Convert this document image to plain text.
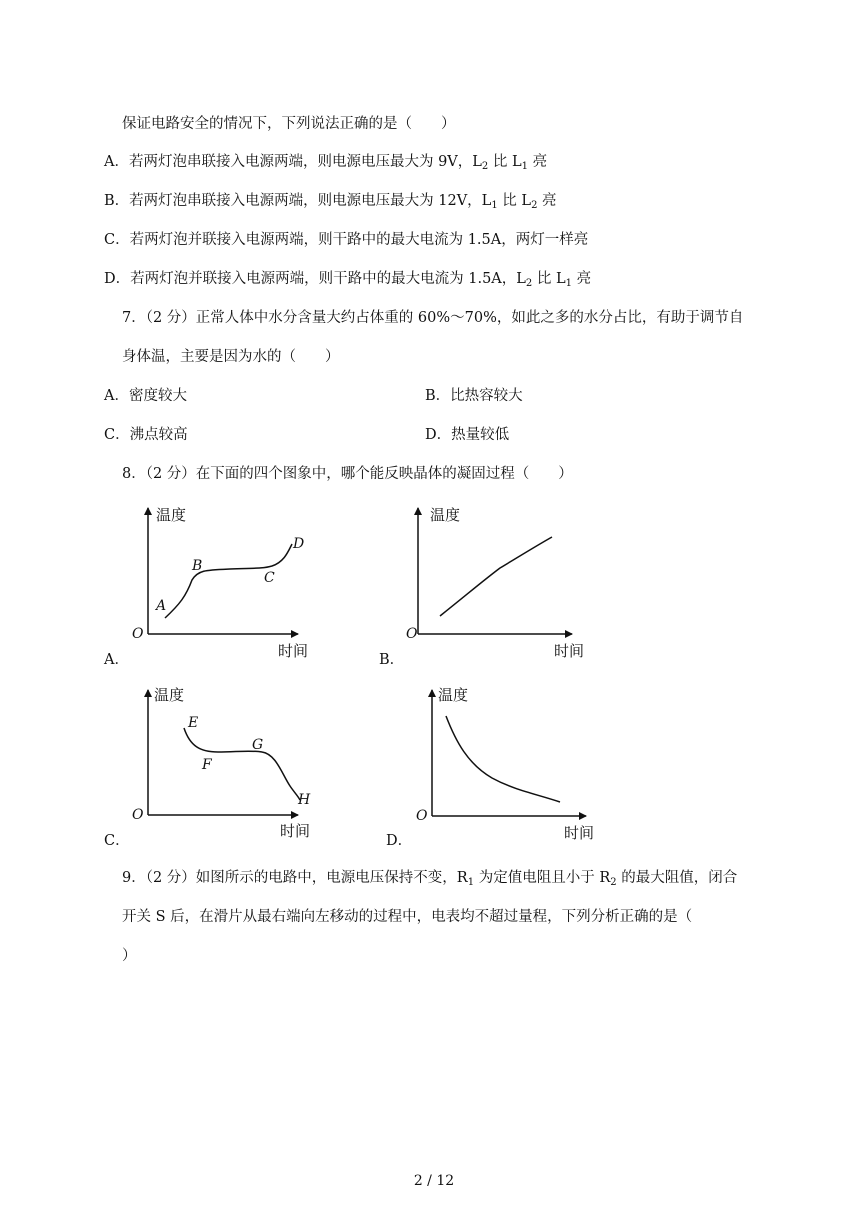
保证电路安全的情况下，下列说法正确的是（　　）
A．若两灯泡串联接入电源两端，则电源电压最大为 9V，$L_2$ 比 $L_1$ 亮
B．若两灯泡串联接入电源两端，则电源电压最大为 12V，$L_1$ 比 $L_2$ 亮
C．若两灯泡并联接入电源两端，则干路中的最大电流为 1.5A，两灯一样亮
D．若两灯泡并联接入电源两端，则干路中的最大电流为 1.5A，$L_2$ 比 $L_1$ 亮
7．（2 分）正常人体中水分含量大约占体重的 60%～70%，如此之多的水分占比，有助于调节自
身体温，主要是因为水的（　　）
A．密度较大	B．比热容较大
C．沸点较高	D．热量较低
8．（2 分）在下面的四个图象中，哪个能反映晶体的凝固过程（　　）
温度
时间
O
A
B
C
D
A．
温度
时间
O
B．
温度
时间
O
E
F
G
H
C．
温度
时间
O
D．
9．（2 分）如图所示的电路中，电源电压保持不变，$R_1$ 为定值电阻且小于 $R_2$ 的最大阻值，闭合
开关 S 后，在滑片从最右端向左移动的过程中，电表均不超过量程，下列分析正确的是（
）
2 / 12
